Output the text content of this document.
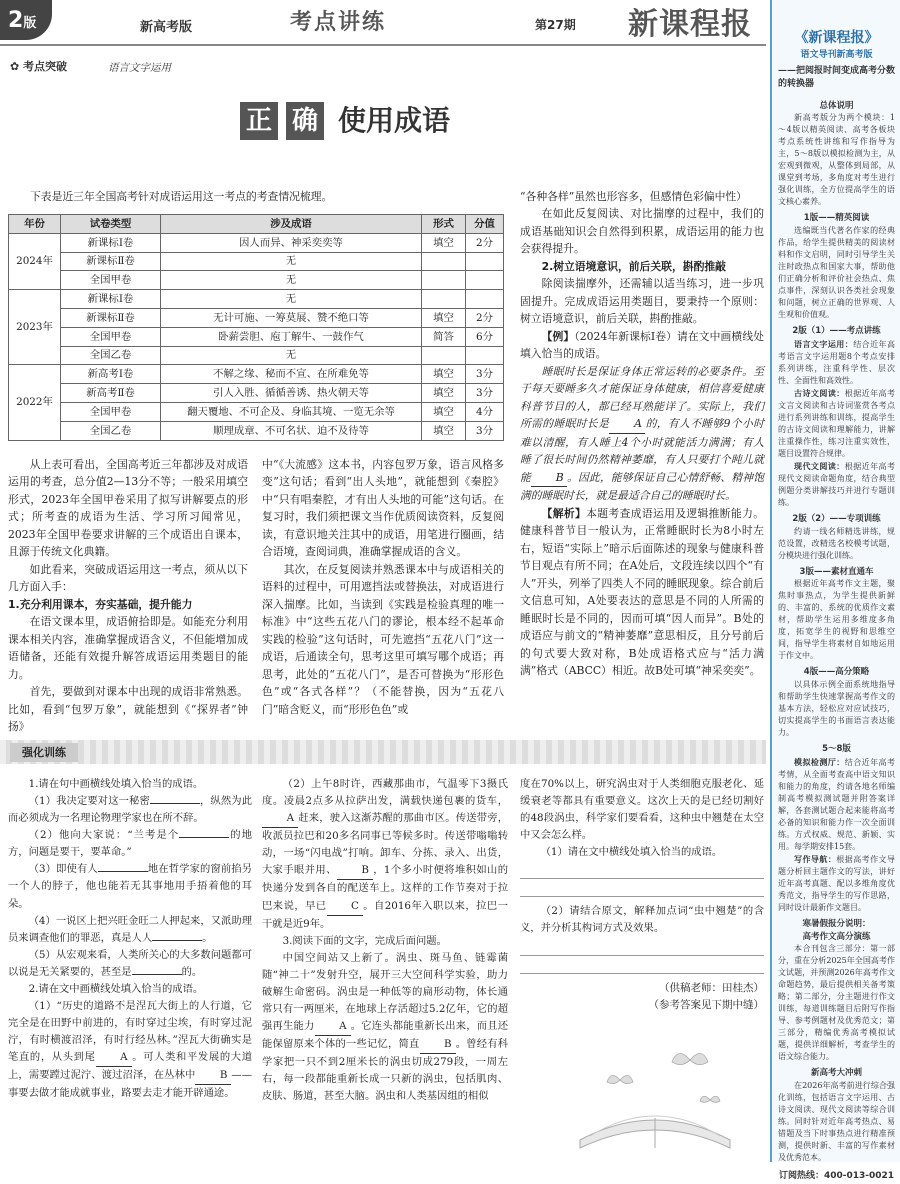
2版	新高考版	考点讲练	第27期 新课程报
✿ 考点突破	语言文字运用
正 确 使用成语

下表是近三年全国高考针对成语运用这一考点的考查情况梳理。

年份	试卷类型	涉及成语	形式	分值
2024年	新课标Ⅰ卷	因人而异、神采奕奕等	填空	2分
	新课标Ⅱ卷	无		
	全国甲卷	无		
2023年	新课标Ⅰ卷	无		
	新课标Ⅱ卷	无计可施、一筹莫展、赞不绝口等	填空	2分
	全国甲卷	卧薪尝胆、庖丁解牛、一鼓作气	简答	6分
	全国乙卷	无		
2022年	新高考Ⅰ卷	不解之缘、秘而不宣、在所难免等	填空	3分
	新高考Ⅱ卷	引人入胜、循循善诱、热火朝天等	填空	3分
	全国甲卷	翻天覆地、不可企及、身临其境、一览无余等	填空	4分
	全国乙卷	顺理成章、不可名状、迫不及待等	填空	3分

从上表可看出，全国高考近三年都涉及对成语运用的考查，总分值2—13分不等；一般采用填空形式，2023年全国甲卷采用了拟写讲解要点的形式；所考查的成语为生活、学习所习闻常见，2023年全国甲卷要求讲解的三个成语出自课本，且源于传统文化典籍。

如此看来，突破成语运用这一考点，须从以下几方面入手：

1.充分利用课本，夯实基础，提升能力

在语文课本里，成语俯拾即是。如能充分利用课本相关内容，准确掌握成语含义，不但能增加成语储备，还能有效提升解答成语运用类题目的能力。

首先，要做到对课本中出现的成语非常熟悉。比如，看到“包罗万象”，就能想到《“探界者”钟扬》

中“《大流感》这本书，内容包罗万象，语言风格多变”这句话；看到“出人头地”，就能想到《秦腔》中“只有唱秦腔，才有出人头地的可能”这句话。在复习时，我们须把课文当作优质阅读资料，反复阅读，有意识地关注其中的成语，用笔进行圈画，结合语境，查阅词典，准确掌握成语的含义。

其次，在反复阅读并熟悉课本中与成语相关的语料的过程中，可用遮挡法或替换法，对成语进行深入揣摩。比如，当读到《实践是检验真理的唯一标准》中“这些五花八门的谬论，根本经不起革命实践的检验”这句话时，可先遮挡“五花八门”这一成语，后通读全句，思考这里可填写哪个成语；再思考，此处的“五花八门”，是否可替换为“形形色色”或“各式各样”？（不能替换，因为“五花八门”暗含贬义，而“形形色色”或

“各种各样”虽然也形容多，但感情色彩偏中性）

在如此反复阅读、对比揣摩的过程中，我们的成语基础知识会自然得到积累，成语运用的能力也会获得提升。

2.树立语境意识，前后关联，斟酌推敲

除阅读揣摩外，还需辅以适当练习，进一步巩固提升。完成成语运用类题目，要秉持一个原则：树立语境意识，前后关联，斟酌推敲。

【例】（2024年新课标Ⅰ卷）请在文中画横线处填入恰当的成语。

睡眠时长是保证身体正常运转的必要条件。至于每天要睡多久才能保证身体健康，相信喜爱健康科普节目的人，都已经耳熟能详了。实际上，我们所需的睡眠时长是 A 的，有人不睡够9个小时难以清醒，有人睡上4个小时就能活力满满；有人睡了很长时间仍然精神萎靡，有人只要打个盹儿就能 B 。因此，能够保证自己心情舒畅、精神饱满的睡眠时长，就是最适合自己的睡眠时长。

【解析】本题考查成语运用及逻辑推断能力。健康科普节目一般认为，正常睡眠时长为8小时左右，短语“实际上”暗示后面陈述的现象与健康科普节目观点有所不同；在A处后，文段连续以四个“有人”开头，列举了四类人不同的睡眠现象。综合前后文信息可知，A处要表达的意思是不同的人所需的睡眠时长是不同的，因而可填“因人而异”。B处的成语应与前文的“精神萎靡”意思相反，且分号前后的句式要大致对称，B处成语格式应与“活力满满”格式（ABCC）相近。故B处可填“神采奕奕”。

强化训练

1.请在句中画横线处填入恰当的成语。

（1）我决定要对这一秘密	，纵然为此而必须成为一名理论物理学家也在所不辞。

（2）他向大家说：“兰考是个	的地方，问题是要干，要革命。”

（3）即使有人	地在哲学家的窗前掐另一个人的脖子，他也能若无其事地用手捂着他的耳朵。

（4）一说区上把兴旺金旺二人押起来，又派助理员来调查他们的罪恶，真是人人	。

（5）从宏观来看，人类所关心的大多数问题都可以说是无关紧要的，甚至是	的。

2.请在文中画横线处填入恰当的成语。

（1）“历史的道路不是涅瓦大街上的人行道，它完全是在田野中前进的，有时穿过尘埃，有时穿过泥泞，有时横渡沼泽，有时行经丛林。”涅瓦大街确实是笔直的，从头到尾 A 。可人类和平发展的大道上，需要蹚过泥泞、渡过沼泽，在丛林中 B ——事要去做才能成就事业，路要去走才能开辟通途。

（2）上午8时许，西藏那曲市，气温零下3摄氏度。凌晨2点多从拉萨出发，满载快递包裹的货车，A 赶来，驶入这渐苏醒的那曲市区。传送带旁，收派员拉巴和20多名同事已等候多时。传送带嗡嗡转动，一场“闪电战”打响。卸车、分拣、录入、出货，大家手眼并用、 B ，1个多小时便将堆积如山的快递分发到各自的配送车上。这样的工作节奏对于拉巴来说，早已 C 。自2016年入职以来，拉巴一干就是近9年。

3.阅读下面的文字，完成后面问题。

中国空间站又上新了。涡虫、斑马鱼、链霉菌随“神二十”发射升空，展开三大空间科学实验，助力破解生命密码。涡虫是一种低等的扁形动物，体长通常只有一两厘米，在地球上存活超过5.2亿年，它的超强再生能力 A 。它连头都能重新长出来，而且还能保留原来个体的一些记忆，简直 B 。曾经有科学家把一只不到2厘米长的涡虫切成279段，一周左右，每一段都能重新长成一只新的涡虫，包括肌肉、皮肤、肠道，甚至大脑。涡虫和人类基因组的相似

度在70%以上，研究涡虫对于人类细胞克服老化、延缓衰老等都具有重要意义。这次上天的是已经切割好的48段涡虫，科学家们要看看，这种虫中翘楚在太空中又会怎么样。

（1）请在文中横线处填入恰当的成语。

（2）请结合原文，解释加点词“虫中翘楚”的含义，并分析其构词方式及效果。

（供稿老师：田桂杰）

（参考答案见下期中缝）

《新课程报》
语文导刊新高考版
——把阅报时间变成高考分数的转换器
总体说明

新高考版分为两个模块：1～4版以精英阅读、高考各板块考点系统性讲练和写作指导为主，5～8版以模拟检测为主，从宏观到微观，从整体到局部，从课堂到考场，多角度对考生进行强化训练，全方位提高学生的语文核心素养。

1版——精英阅读

选编既当代著名作家的经典作品，给学生提供精美的阅读材料和作文启明，同时引导学生关注时政热点和国家大事，帮助他们正确分析和评价社会热点、焦点事件，深刻认识各类社会现象和问题，树立正确的世界观、人生观和价值观。

2版（1）——考点讲练

语言文字运用：结合近年高考语言文字运用题8个考点安排系列讲练，注重科学性、层次性、全面性和高效性。

古诗文阅读：根据近年高考文言文阅读和古诗词鉴赏各考点进行系列讲练和训练，提高学生的古诗文阅读和理解能力，讲解注重操作性，练习注重实效性，题目设置符合规律。

现代文阅读：根据近年高考现代文阅读命题角度，结合典型例题分类讲解技巧并进行专题训练。

2版（2）——专项训练

约请一线名师精选讲练，规范设置，改精选名校模考试题，分模块进行强化训练。

3版——素材直通车

根据近年高考作文主题，聚焦时事热点，为学生提供新鲜的、丰富的、系统的优质作文素材，帮助学生运用多维度多角度，拓宽学生的视野和思维空间，指导学生将素材自如地运用于作文中。

4版——高分策略

以具体示例全面系统地指导和帮助学生快速掌握高考作文的基本方法，轻松应对应试技巧，切实提高学生的书面语言表达能力。

5～8版

模拟检测厅：结合近年高考考情，从全面考查高中语文知识和能力的角度，约请各地名师编制高考模拟测试题并附答案详解，各套测试题合起来能将高考必备的知识和能力作一次全面训练。方式权威、规范、新颖、实用。每学期安排15套。

写作导航：根据高考作文导题分析回主题作文的写法，讲好近年高考真题、配以多维角度优秀范文，指导学生的写作思路，同时设计最新作文题目。

寒暑假报分说明：
高考作文高分演练

本合刊包含三部分：第一部分，重在分析2025年全国高考作文试题，并预测2026年高考作文命题趋势，最后提供相关备考策略；第二部分，分主题进行作文训练，每道训练题目后附写作指导、参考例题材及优秀范文；第三部分，精编优秀高考模拟试题，提供详细解析，考查学生的语文综合能力。

新高考大冲刺

在2026年高考前进行综合强化训练，包括语言文字运用、古诗文阅读、现代文阅读等综合训练。同时针对近年高考热点、易错题及当下时事热点进行精准预测，提供时新、丰富的写作素材及优秀范本。

订阅热线：400-013-0021
